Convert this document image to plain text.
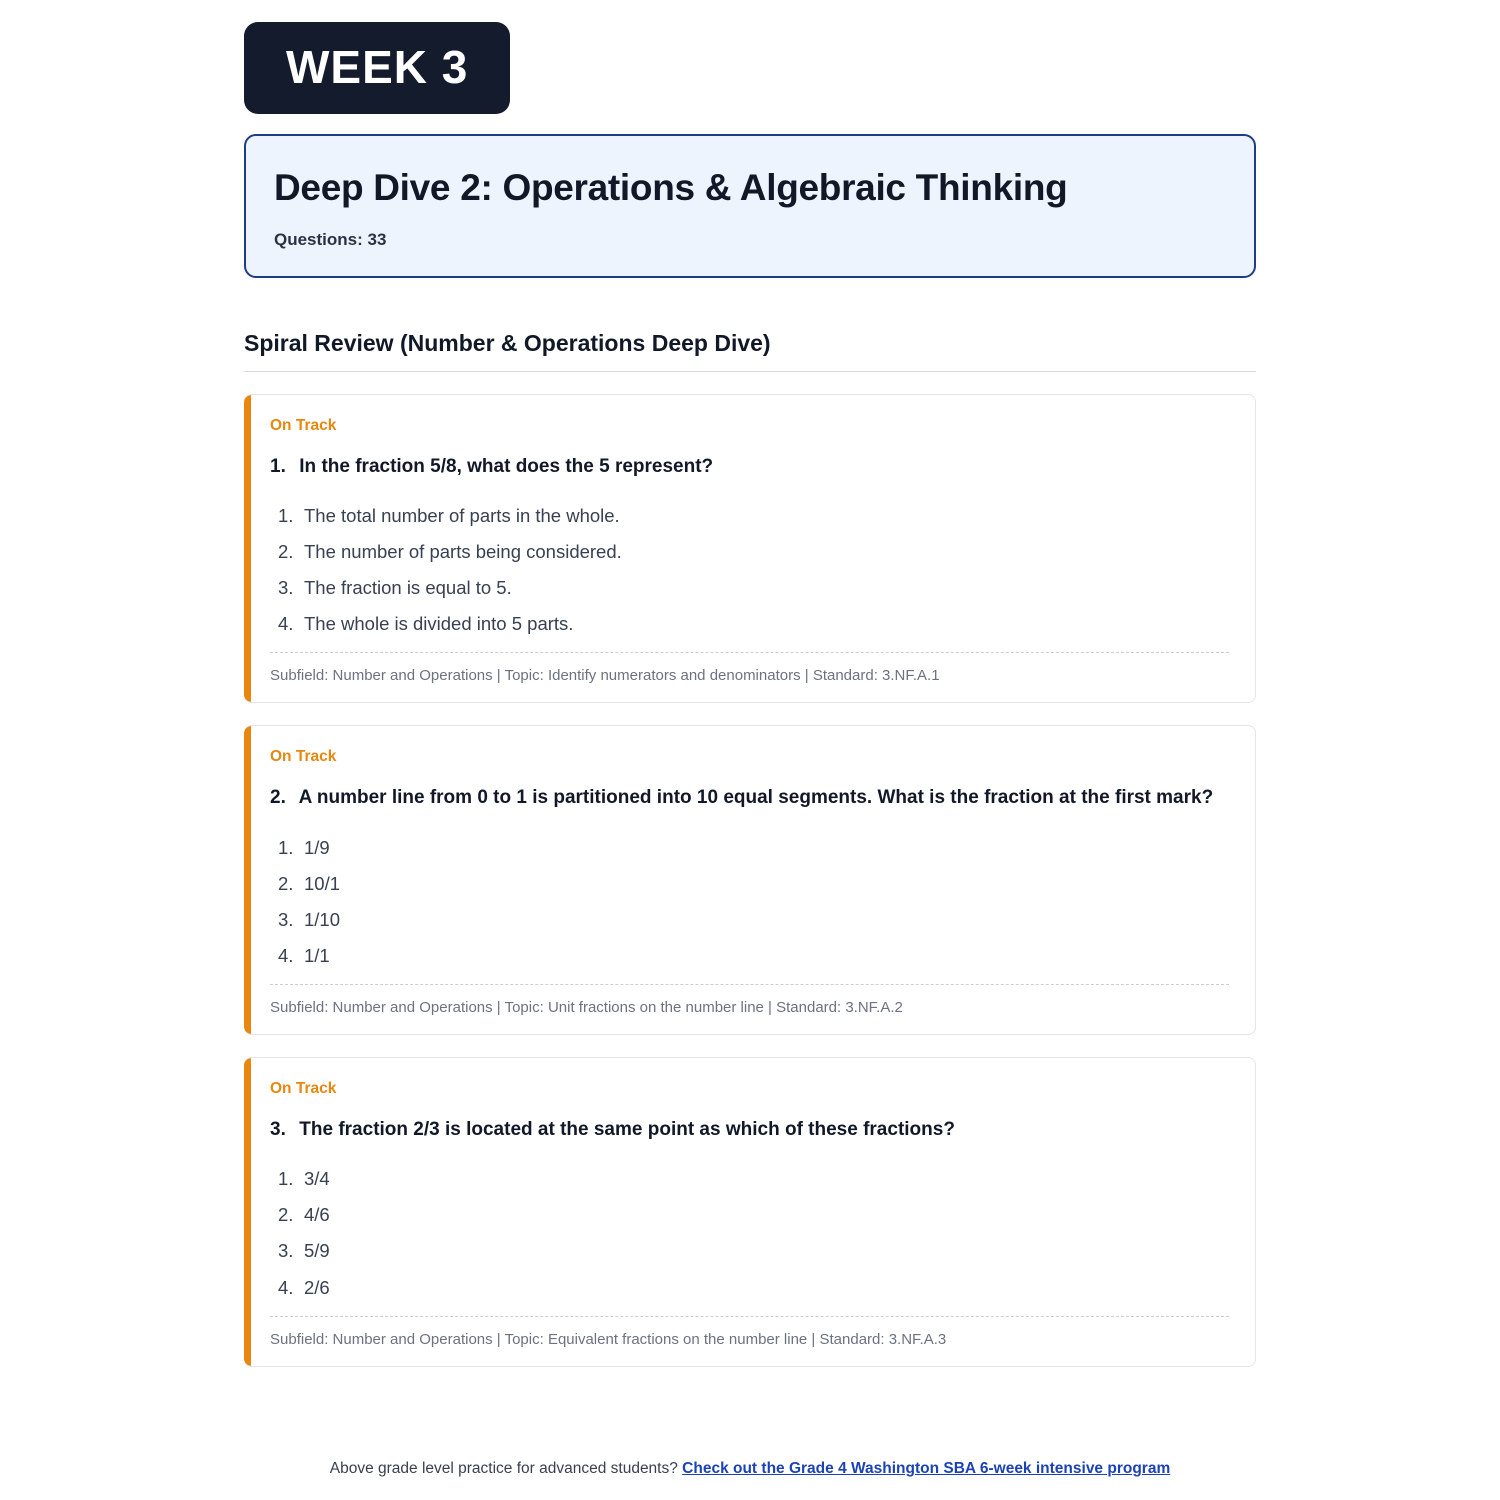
WEEK 3
Deep Dive 2: Operations & Algebraic Thinking
Questions: 33
Spiral Review (Number & Operations Deep Dive)
On Track
1. In the fraction 5/8, what does the 5 represent?
1. The total number of parts in the whole.
2. The number of parts being considered.
3. The fraction is equal to 5.
4. The whole is divided into 5 parts.
Subfield: Number and Operations | Topic: Identify numerators and denominators | Standard: 3.NF.A.1
On Track
2. A number line from 0 to 1 is partitioned into 10 equal segments. What is the fraction at the first mark?
1. 1/9
2. 10/1
3. 1/10
4. 1/1
Subfield: Number and Operations | Topic: Unit fractions on the number line | Standard: 3.NF.A.2
On Track
3. The fraction 2/3 is located at the same point as which of these fractions?
1. 3/4
2. 4/6
3. 5/9
4. 2/6
Subfield: Number and Operations | Topic: Equivalent fractions on the number line | Standard: 3.NF.A.3
Above grade level practice for advanced students? Check out the Grade 4 Washington SBA 6-week intensive program
